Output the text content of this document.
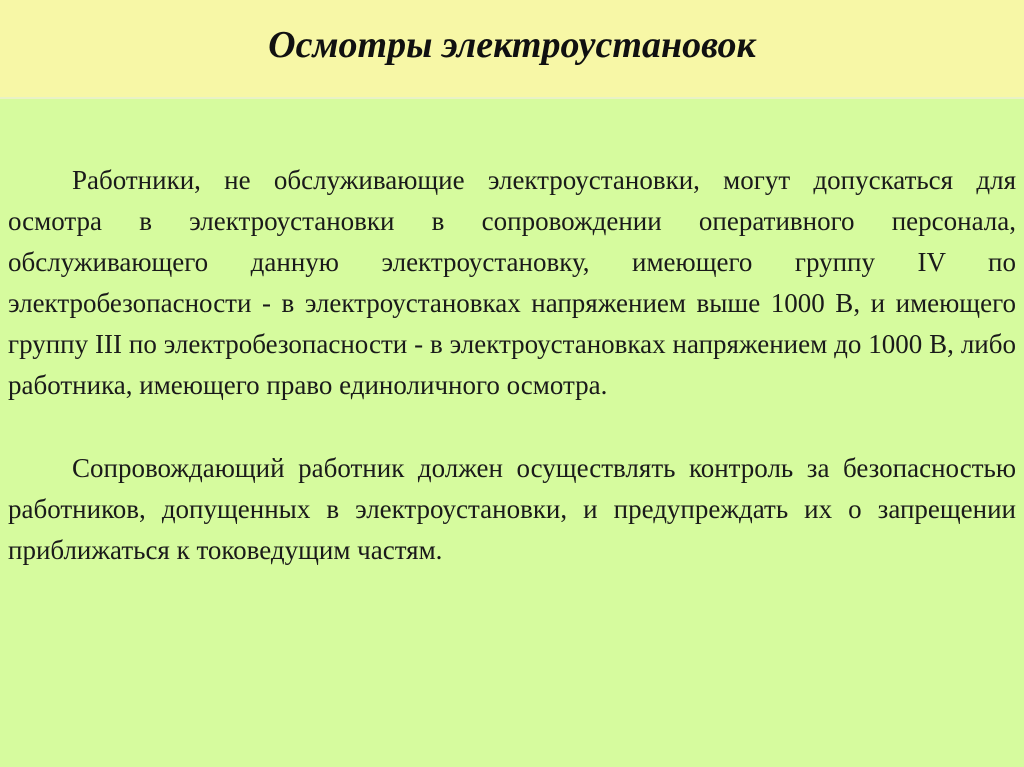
Осмотры электроустановок

Работники, не обслуживающие электроустановки, могут допускаться для осмотра в электроустановки в сопровождении оперативного персонала, обслуживающего данную электроустановку, имеющего группу IV по электробезопасности - в электроустановках напряжением выше 1000 В, и имеющего группу III по электробезопасности - в электроустановках напряжением до 1000 В, либо работника, имеющего право единоличного осмотра.

Сопровождающий работник должен осуществлять контроль за безопасностью работников, допущенных в электроустановки, и предупреждать их о запрещении приближаться к токоведущим частям.
